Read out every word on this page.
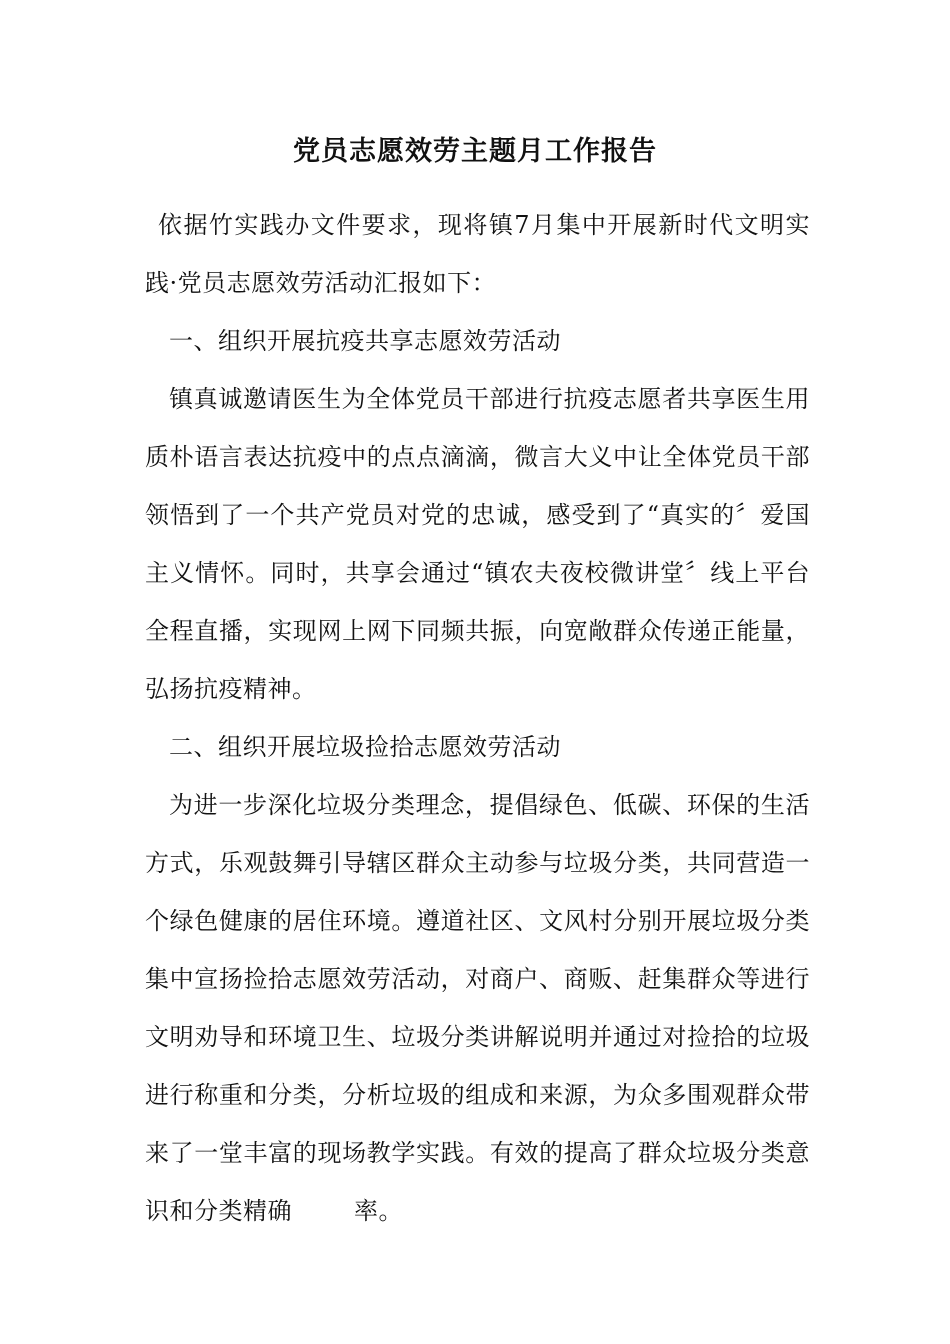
党员志愿效劳主题月工作报告

依据竹实践办文件要求，现将镇7月集中开展新时代文明实践·党员志愿效劳活动汇报如下：

一、组织开展抗疫共享志愿效劳活动

镇真诚邀请医生为全体党员干部进行抗疫志愿者共享医生用质朴语言表达抗疫中的点点滴滴，微言大义中让全体党员干部领悟到了一个共产党员对党的忠诚，感受到了“真实的〞爱国主义情怀。同时，共享会通过“镇农夫夜校微讲堂〞线上平台全程直播，实现网上网下同频共振，向宽敞群众传递正能量，弘扬抗疫精神。

二、组织开展垃圾捡拾志愿效劳活动

为进一步深化垃圾分类理念，提倡绿色、低碳、环保的生活方式，乐观鼓舞引导辖区群众主动参与垃圾分类，共同营造一个绿色健康的居住环境。遵道社区、文风村分别开展垃圾分类集中宣扬捡拾志愿效劳活动，对商户、商贩、赶集群众等进行文明劝导和环境卫生、垃圾分类讲解说明并通过对捡拾的垃圾进行称重和分类，分析垃圾的组成和来源，为众多围观群众带来了一堂丰富的现场教学实践。有效的提高了群众垃圾分类意识和分类精确	率。
